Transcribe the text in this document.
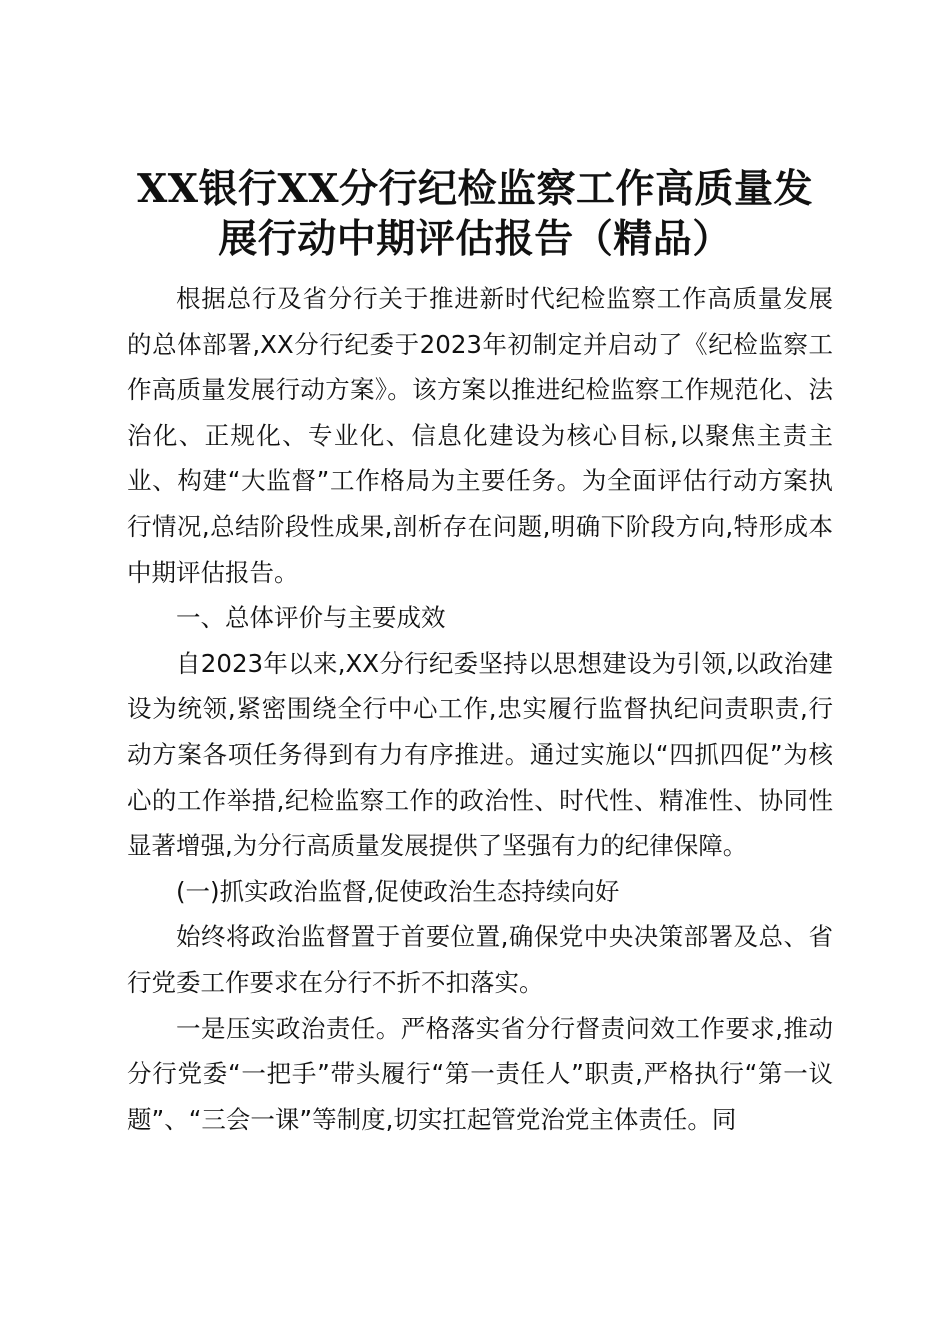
XX银行XX分行纪检监察工作高质量发
展行动中期评估报告（精品）

根据总行及省分行关于推进新时代纪检监察工作高质量发展的总体部署,XX分行纪委于2023年初制定并启动了《纪检监察工作高质量发展行动方案》。该方案以推进纪检监察工作规范化、法治化、正规化、专业化、信息化建设为核心目标,以聚焦主责主业、构建“大监督”工作格局为主要任务。为全面评估行动方案执行情况,总结阶段性成果,剖析存在问题,明确下阶段方向,特形成本中期评估报告。

一、总体评价与主要成效

自2023年以来,XX分行纪委坚持以思想建设为引领,以政治建设为统领,紧密围绕全行中心工作,忠实履行监督执纪问责职责,行动方案各项任务得到有力有序推进。通过实施以“四抓四促”为核心的工作举措,纪检监察工作的政治性、时代性、精准性、协同性显著增强,为分行高质量发展提供了坚强有力的纪律保障。

(一)抓实政治监督,促使政治生态持续向好

始终将政治监督置于首要位置,确保党中央决策部署及总、省行党委工作要求在分行不折不扣落实。

一是压实政治责任。严格落实省分行督责问效工作要求,推动分行党委“一把手”带头履行“第一责任人”职责,严格执行“第一议题”、“三会一课”等制度,切实扛起管党治党主体责任。同
